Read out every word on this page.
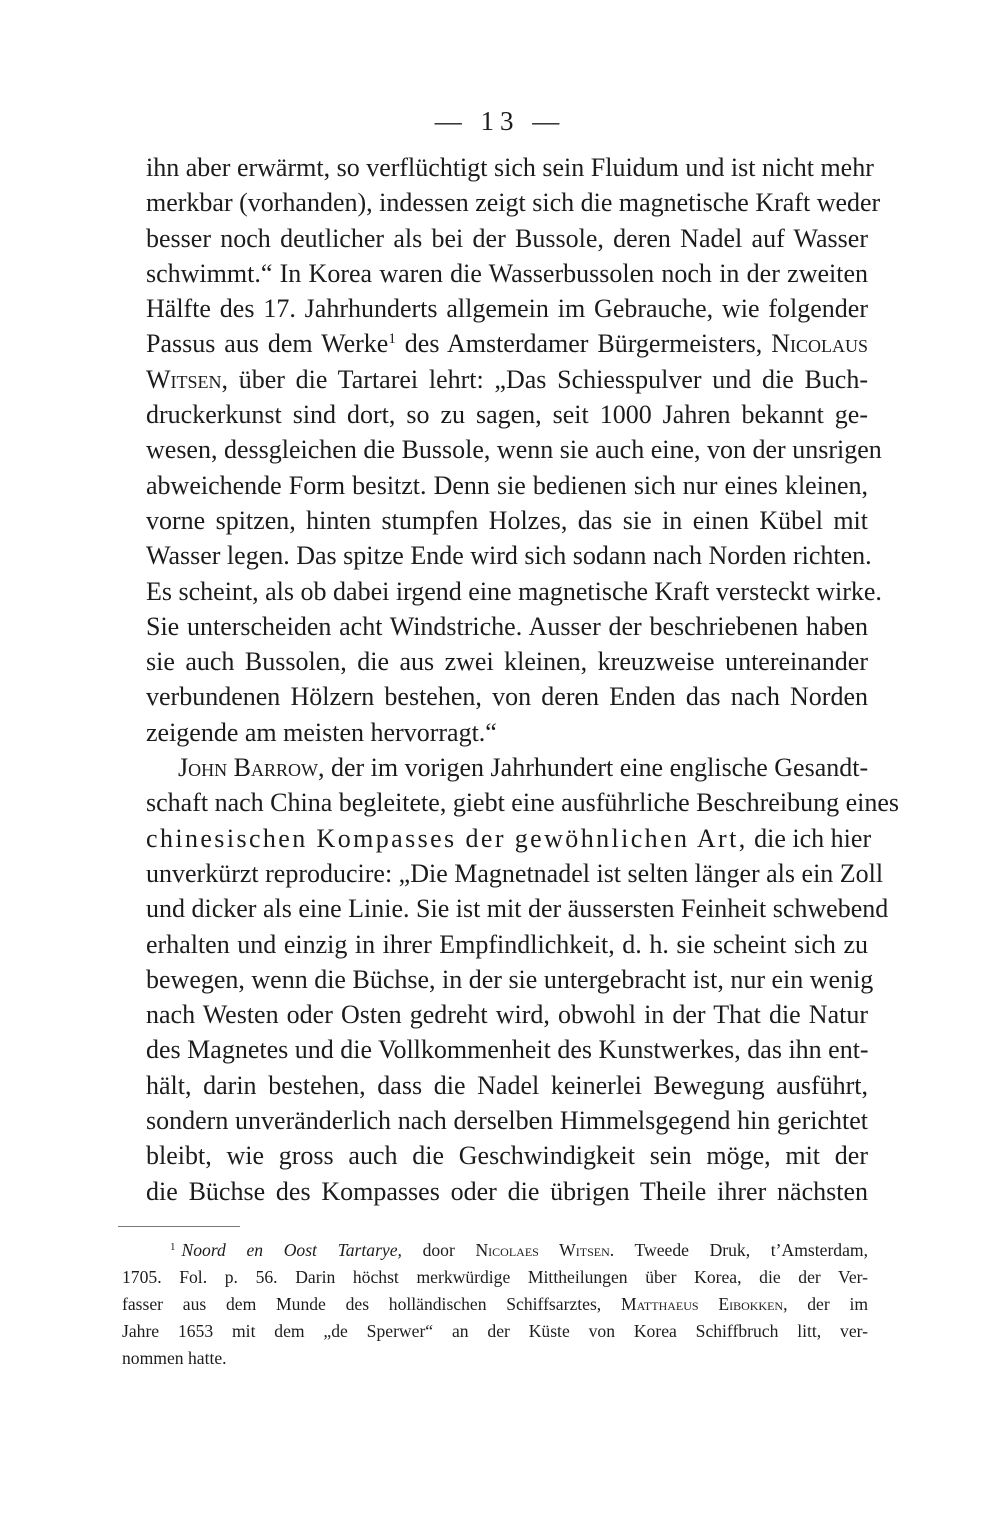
— 13 —
ihn aber erwärmt, so verflüchtigt sich sein Fluidum und ist nicht mehr
merkbar (vorhanden), indessen zeigt sich die magnetische Kraft weder
besser noch deutlicher als bei der Bussole, deren Nadel auf Wasser
schwimmt.“ In Korea waren die Wasserbussolen noch in der zweiten
Hälfte des 17. Jahrhunderts allgemein im Gebrauche, wie folgender
Passus aus dem Werke$^1$ des Amsterdamer Bürgermeisters, Nicolaus
Witsen, über die Tartarei lehrt: „Das Schiesspulver und die Buch-
druckerkunst sind dort, so zu sagen, seit 1000 Jahren bekannt ge-
wesen, dessgleichen die Bussole, wenn sie auch eine, von der unsrigen
abweichende Form besitzt. Denn sie bedienen sich nur eines kleinen,
vorne spitzen, hinten stumpfen Holzes, das sie in einen Kübel mit
Wasser legen. Das spitze Ende wird sich sodann nach Norden richten.
Es scheint, als ob dabei irgend eine magnetische Kraft versteckt wirke.
Sie unterscheiden acht Windstriche. Ausser der beschriebenen haben
sie auch Bussolen, die aus zwei kleinen, kreuzweise untereinander
verbundenen Hölzern bestehen, von deren Enden das nach Norden
zeigende am meisten hervorragt.“
John Barrow, der im vorigen Jahrhundert eine englische Gesandt-
schaft nach China begleitete, giebt eine ausführliche Beschreibung eines
chinesischen Kompasses der gewöhnlichen Art, die ich hier
unverkürzt reproducire: „Die Magnetnadel ist selten länger als ein Zoll
und dicker als eine Linie. Sie ist mit der äussersten Feinheit schwebend
erhalten und einzig in ihrer Empfindlichkeit, d. h. sie scheint sich zu
bewegen, wenn die Büchse, in der sie untergebracht ist, nur ein wenig
nach Westen oder Osten gedreht wird, obwohl in der That die Natur
des Magnetes und die Vollkommenheit des Kunstwerkes, das ihn ent-
hält, darin bestehen, dass die Nadel keinerlei Bewegung ausführt,
sondern unveränderlich nach derselben Himmelsgegend hin gerichtet
bleibt, wie gross auch die Geschwindigkeit sein möge, mit der
die Büchse des Kompasses oder die übrigen Theile ihrer nächsten
$^1$ Noord en Oost Tartarye, door Nicolaes Witsen. Tweede Druk, t’Amsterdam,
1705. Fol. p. 56. Darin höchst merkwürdige Mittheilungen über Korea, die der Ver-
fasser aus dem Munde des holländischen Schiffsarztes, Matthaeus Eibokken, der im
Jahre 1653 mit dem „de Sperwer“ an der Küste von Korea Schiffbruch litt, ver-
nommen hatte.
